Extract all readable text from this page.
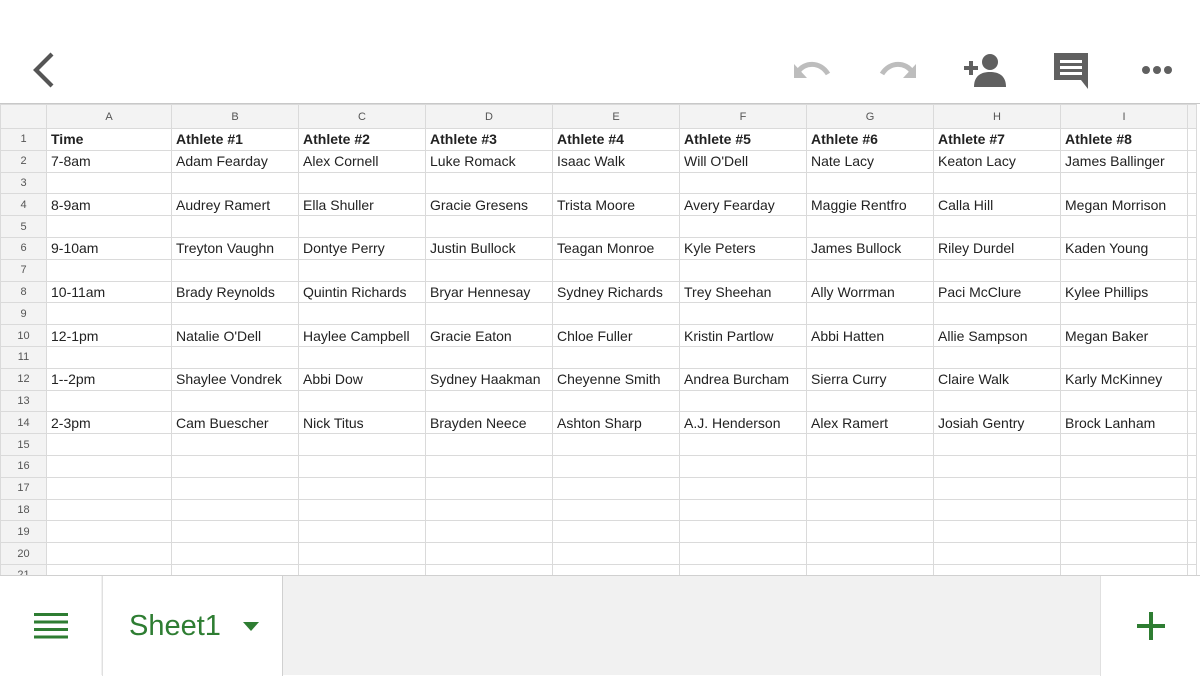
	A	B	C	D	E	F	G	H	I	
1	Time	Athlete #1	Athlete #2	Athlete #3	Athlete #4	Athlete #5	Athlete #6	Athlete #7	Athlete #8	
2	7-8am	Adam Fearday	Alex Cornell	Luke Romack	Isaac Walk	Will O'Dell	Nate Lacy	Keaton Lacy	James Ballinger	
3										
4	8-9am	Audrey Ramert	Ella Shuller	Gracie Gresens	Trista Moore	Avery Fearday	Maggie Rentfro	Calla Hill	Megan Morrison	
5										
6	9-10am	Treyton Vaughn	Dontye Perry	Justin Bullock	Teagan Monroe	Kyle Peters	James Bullock	Riley Durdel	Kaden Young	
7										
8	10-11am	Brady Reynolds	Quintin Richards	Bryar Hennesay	Sydney Richards	Trey Sheehan	Ally Worrman	Paci McClure	Kylee Phillips	
9										
10	12-1pm	Natalie O'Dell	Haylee Campbell	Gracie Eaton	Chloe Fuller	Kristin Partlow	Abbi Hatten	Allie Sampson	Megan Baker	
11										
12	1--2pm	Shaylee Vondrek	Abbi Dow	Sydney Haakman	Cheyenne Smith	Andrea Burcham	Sierra Curry	Claire Walk	Karly McKinney	
13										
14	2-3pm	Cam Buescher	Nick Titus	Brayden Neece	Ashton Sharp	A.J. Henderson	Alex Ramert	Josiah Gentry	Brock Lanham	
15										
16										
17										
18										
19										
20										

Sheet1
